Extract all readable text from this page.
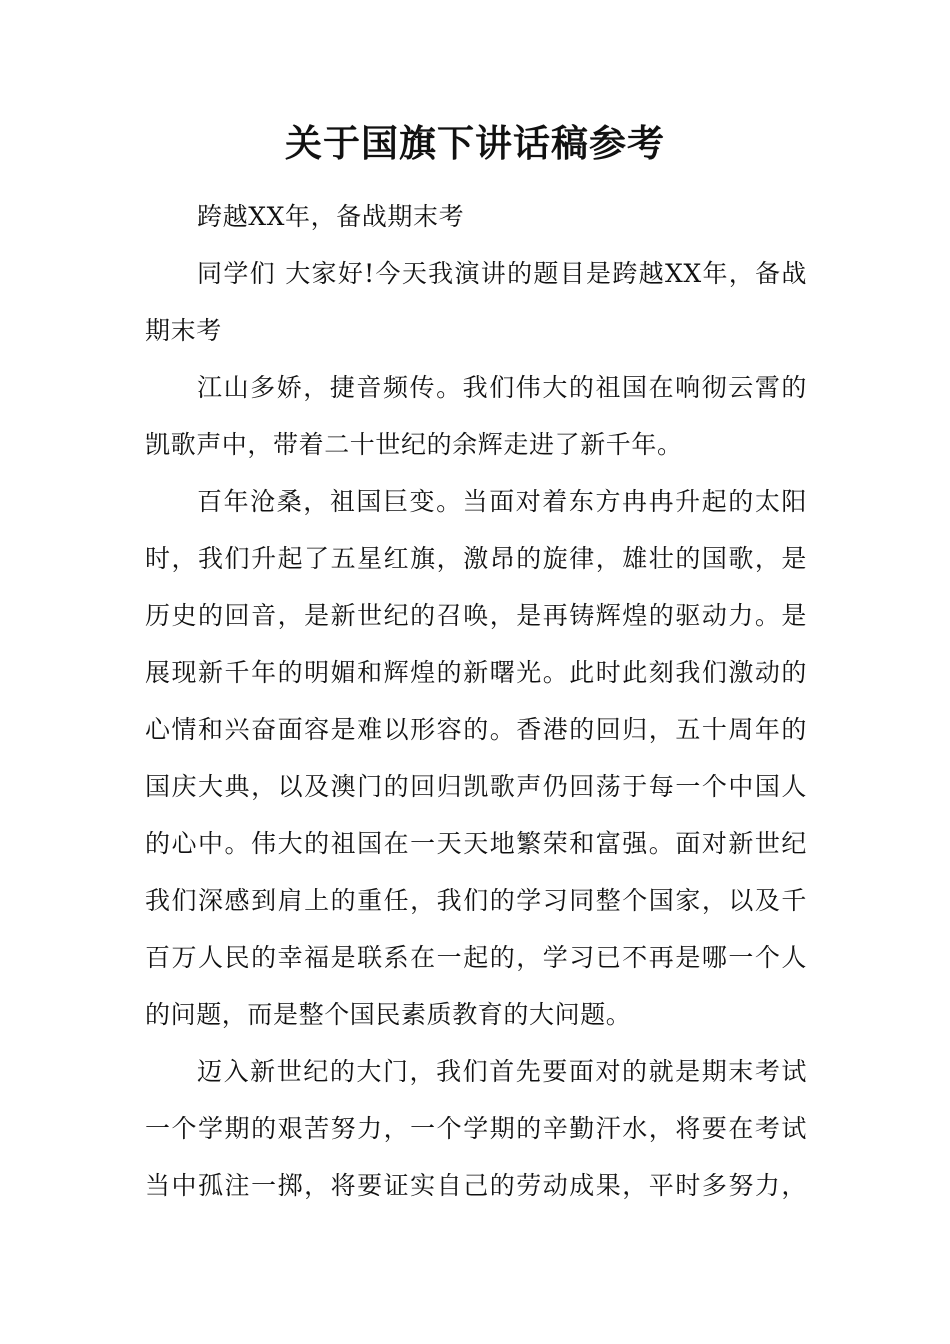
关于国旗下讲话稿参考
跨越XX年，备战期末考
同学们 大家好!今天我演讲的题目是跨越XX年，备战
期末考
江山多娇，捷音频传。我们伟大的祖国在响彻云霄的
凯歌声中，带着二十世纪的余辉走进了新千年。
百年沧桑，祖国巨变。当面对着东方冉冉升起的太阳
时，我们升起了五星红旗，激昂的旋律，雄壮的国歌，是
历史的回音，是新世纪的召唤，是再铸辉煌的驱动力。是
展现新千年的明媚和辉煌的新曙光。此时此刻我们激动的
心情和兴奋面容是难以形容的。香港的回归，五十周年的
国庆大典，以及澳门的回归凯歌声仍回荡于每一个中国人
的心中。伟大的祖国在一天天地繁荣和富强。面对新世纪
我们深感到肩上的重任，我们的学习同整个国家，以及千
百万人民的幸福是联系在一起的，学习已不再是哪一个人
的问题，而是整个国民素质教育的大问题。
迈入新世纪的大门，我们首先要面对的就是期末考试
一个学期的艰苦努力，一个学期的辛勤汗水，将要在考试
当中孤注一掷，将要证实自己的劳动成果，平时多努力，
